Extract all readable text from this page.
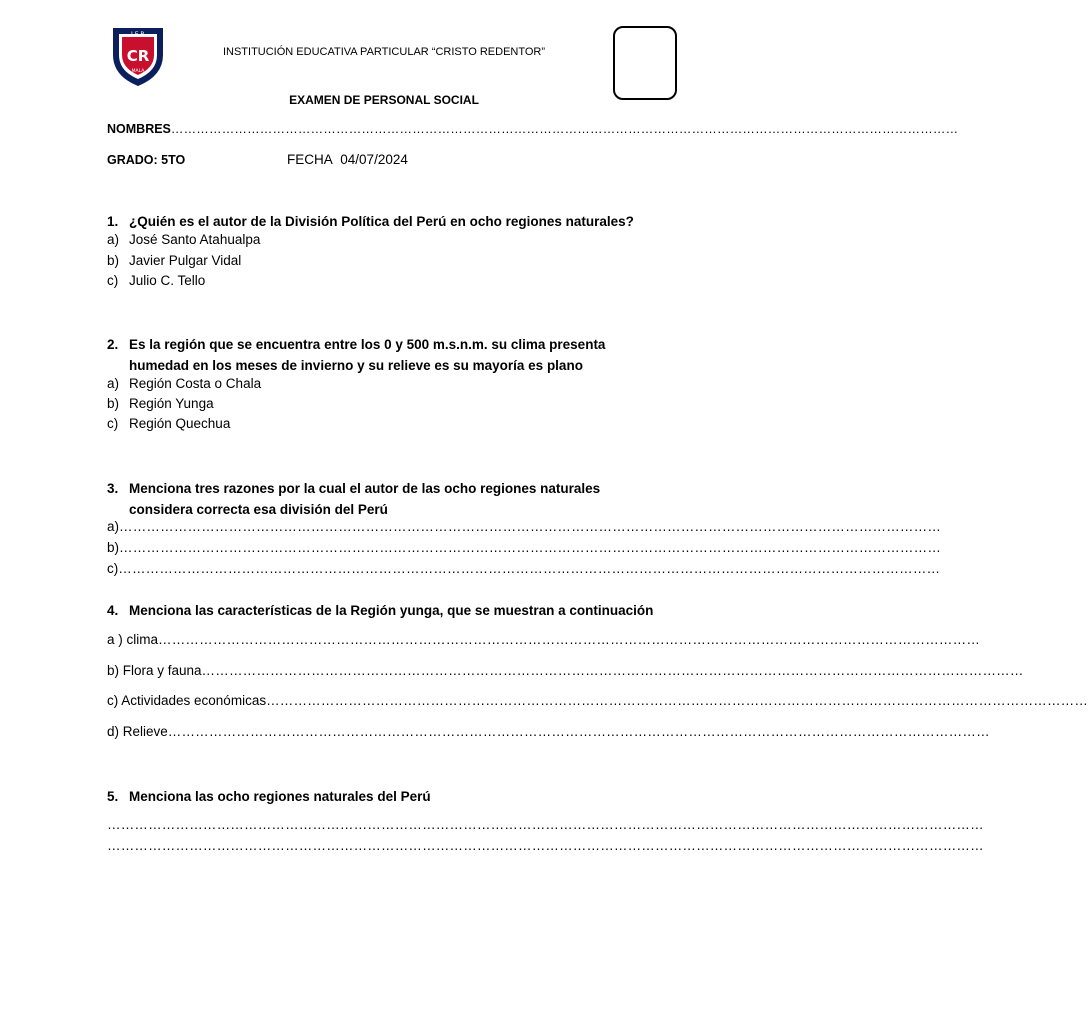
I.E.P.
CR
MALA
INSTITUCIÓN EDUCATIVA PARTICULAR “CRISTO REDENTOR”
EXAMEN DE PERSONAL SOCIAL
NOMBRES ……………………………………………………………………………………………………………………………………………………………………
GRADO: 5TO	FECHA 04/07/2024
1. ¿Quién es el autor de la División Política del Perú en ocho regiones naturales?
a) José Santo Atahualpa
b) Javier Pulgar Vidal
c) Julio C. Tello
2. Es la región que se encuentra entre los 0 y 500 m.s.n.m. su clima presenta humedad en los meses de invierno y su relieve es su mayoría es plano
a) Región Costa o Chala
b) Región Yunga
c) Región Quechua
3. Menciona tres razones por la cual el autor de las ocho regiones naturales considera correcta esa división del Perú
a) ………………………………………………………………………………………………………………………………………………………………
b) ………………………………………………………………………………………………………………………………………………………………
c) ………………………………………………………………………………………………………………………………………………………………
4. Menciona las características de la Región yunga, que se muestran a continuación
a ) clima ………………………………………………………………………………………………………………………………………………………………
b) Flora y fauna ………………………………………………………………………………………………………………………………………………………………
c) Actividades económicas ………………………………………………………………………………………………………………………………………………………………
d) Relieve ………………………………………………………………………………………………………………………………………………………………
5. Menciona las ocho regiones naturales del Perú
…………………………………………………………………………………………………………………………………………………………………………
…………………………………………………………………………………………………………………………………………………………………………
